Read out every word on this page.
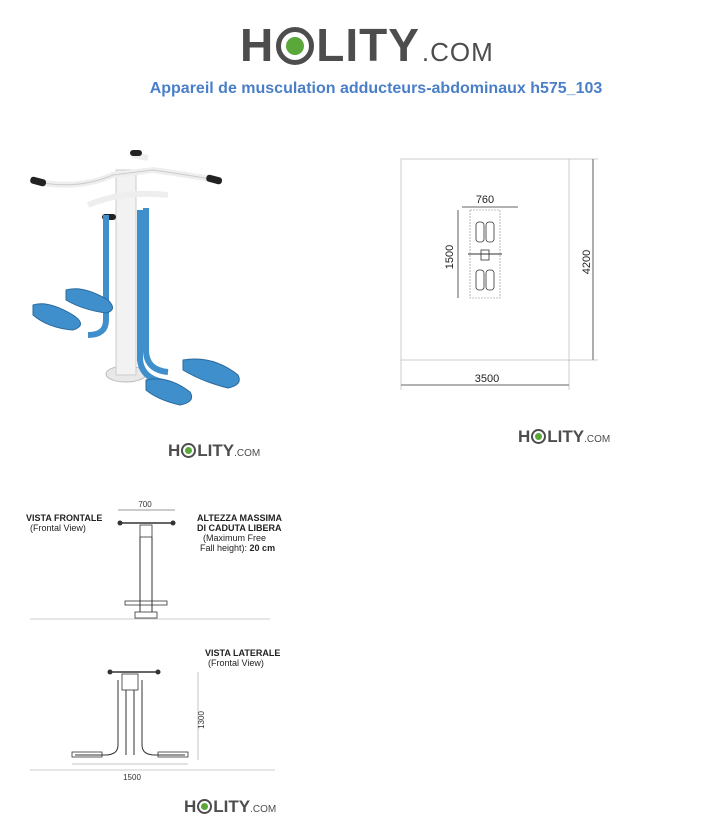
H LITY .COM
Appareil de musculation adducteurs-abdominaux h575_103
H LITY .COM
4200
3500
760
1500
H LITY .COM
VISTA FRONTALE
(Frontal View)
ALTEZZA MASSIMA
DI CADUTA LIBERA
(Maximum Free
Fall height): 20 cm
700
VISTA LATERALE
(Frontal View)
1300
1500
H LITY .COM
